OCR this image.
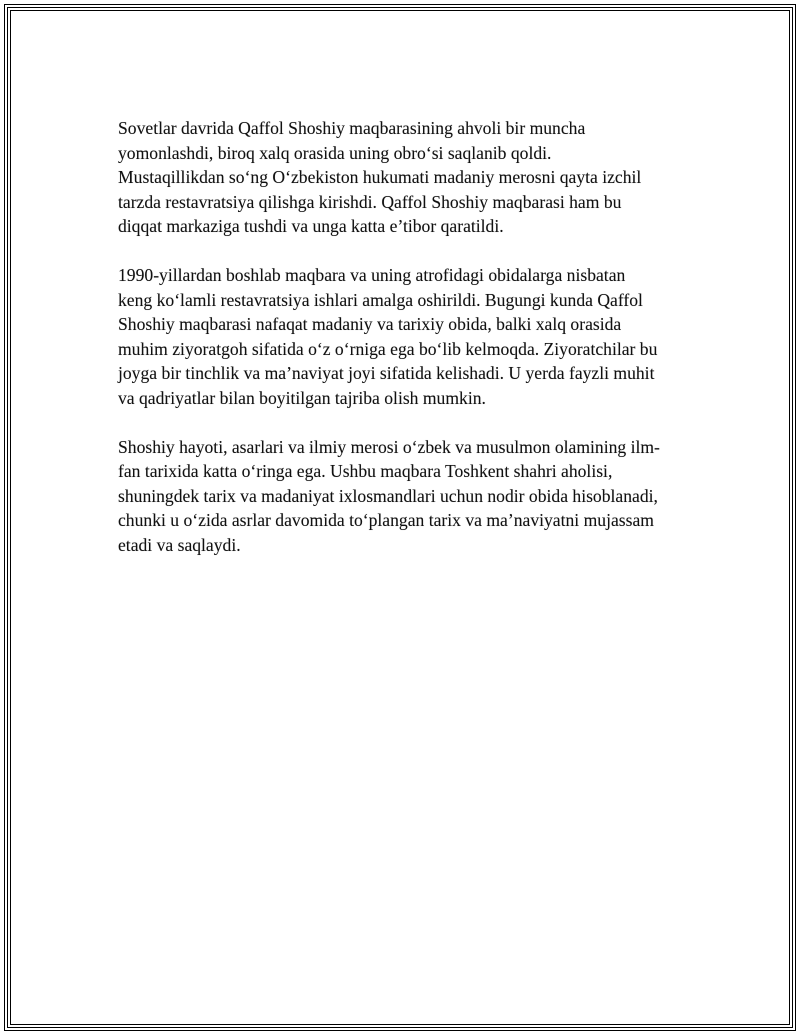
Sovetlar davrida Qaffol Shoshiy maqbarasining ahvoli bir muncha
yomonlashdi, biroq xalq orasida uning obro‘si saqlanib qoldi.
Mustaqillikdan so‘ng O‘zbekiston hukumati madaniy merosni qayta izchil
tarzda restavratsiya qilishga kirishdi. Qaffol Shoshiy maqbarasi ham bu
diqqat markaziga tushdi va unga katta e’tibor qaratildi.

1990-yillardan boshlab maqbara va uning atrofidagi obidalarga nisbatan
keng ko‘lamli restavratsiya ishlari amalga oshirildi. Bugungi kunda Qaffol
Shoshiy maqbarasi nafaqat madaniy va tarixiy obida, balki xalq orasida
muhim ziyoratgoh sifatida o‘z o‘rniga ega bo‘lib kelmoqda. Ziyoratchilar bu
joyga bir tinchlik va ma’naviyat joyi sifatida kelishadi. U yerda fayzli muhit
va qadriyatlar bilan boyitilgan tajriba olish mumkin.

Shoshiy hayoti, asarlari va ilmiy merosi o‘zbek va musulmon olamining ilm-
fan tarixida katta o‘ringa ega. Ushbu maqbara Toshkent shahri aholisi,
shuningdek tarix va madaniyat ixlosmandlari uchun nodir obida hisoblanadi,
chunki u o‘zida asrlar davomida to‘plangan tarix va ma’naviyatni mujassam
etadi va saqlaydi.
